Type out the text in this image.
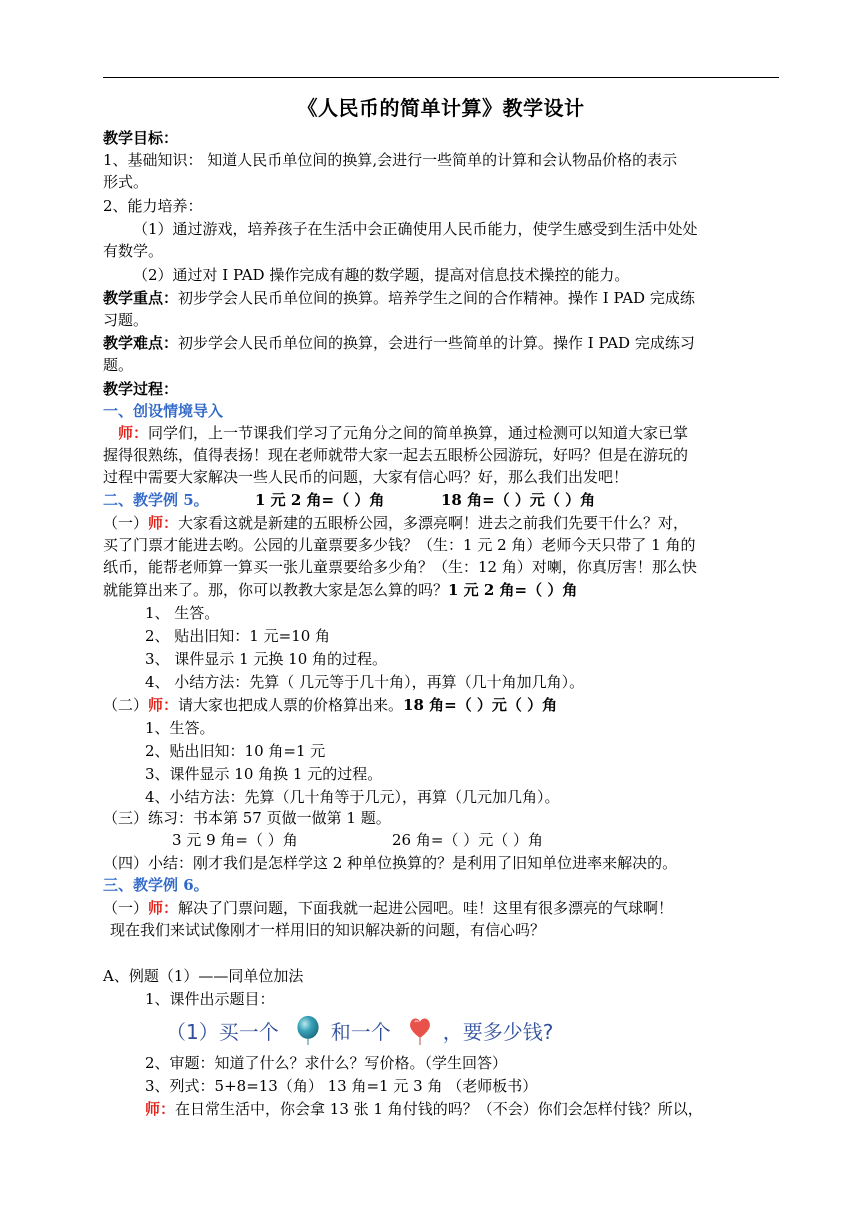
《人民币的简单计算》教学设计
教学目标：
1、基础知识： 知道人民币单位间的换算,会进行一些简单的计算和会认物品价格的表示
形式。
2、能力培养：
（1）通过游戏，培养孩子在生活中会正确使用人民币能力，使学生感受到生活中处处
有数学。
（2）通过对 I PAD 操作完成有趣的数学题，提高对信息技术操控的能力。
教学重点：初步学会人民币单位间的换算。培养学生之间的合作精神。操作 I PAD 完成练
习题。
教学难点：初步学会人民币单位间的换算，会进行一些简单的计算。操作 I PAD 完成练习
题。
教学过程：
一、创设情境导入
师：同学们，上一节课我们学习了元角分之间的简单换算，通过检测可以知道大家已掌
握得很熟练，值得表扬！现在老师就带大家一起去五眼桥公园游玩，好吗？但是在游玩的
过程中需要大家解决一些人民币的问题，大家有信心吗？好，那么我们出发吧！
二、教学例 5。	1 元 2 角=（ ）角	18 角=（ ）元（ ）角
（一）师：大家看这就是新建的五眼桥公园，多漂亮啊！进去之前我们先要干什么？对，
买了门票才能进去哟。公园的儿童票要多少钱？（生：1 元 2 角）老师今天只带了 1 角的
纸币，能帮老师算一算买一张儿童票要给多少角？（生：12 角）对喇，你真厉害！那么快
就能算出来了。那，你可以教教大家是怎么算的吗？1 元 2 角=（ ）角
1、 生答。
2、 贴出旧知：1 元=10 角
3、 课件显示 1 元换 10 角的过程。
4、 小结方法：先算（ 几元等于几十角），再算（几十角加几角）。
（二）师：请大家也把成人票的价格算出来。18 角=（ ）元（ ）角
1、生答。
2、贴出旧知：10 角=1 元
3、课件显示 10 角换 1 元的过程。
4、小结方法：先算（几十角等于几元），再算（几元加几角）。
（三）练习：书本第 57 页做一做第 1 题。
3 元 9 角=（ ）角	26 角=（ ）元（ ）角
（四）小结：刚才我们是怎样学这 2 种单位换算的？是利用了旧知单位进率来解决的。
三、教学例 6。
（一）师：解决了门票问题，下面我就一起进公园吧。哇！这里有很多漂亮的气球啊！
现在我们来试试像刚才一样用旧的知识解决新的问题，有信心吗？
A、例题（1）——同单位加法
1、课件出示题目：
（1）买一个	和一个	，要多少钱?
2、审题：知道了什么？求什么？写价格。（学生回答）
3、列式：5+8=13（角） 13 角=1 元 3 角 （老师板书）
师：在日常生活中，你会拿 13 张 1 角付钱的吗？（不会）你们会怎样付钱？所以，
